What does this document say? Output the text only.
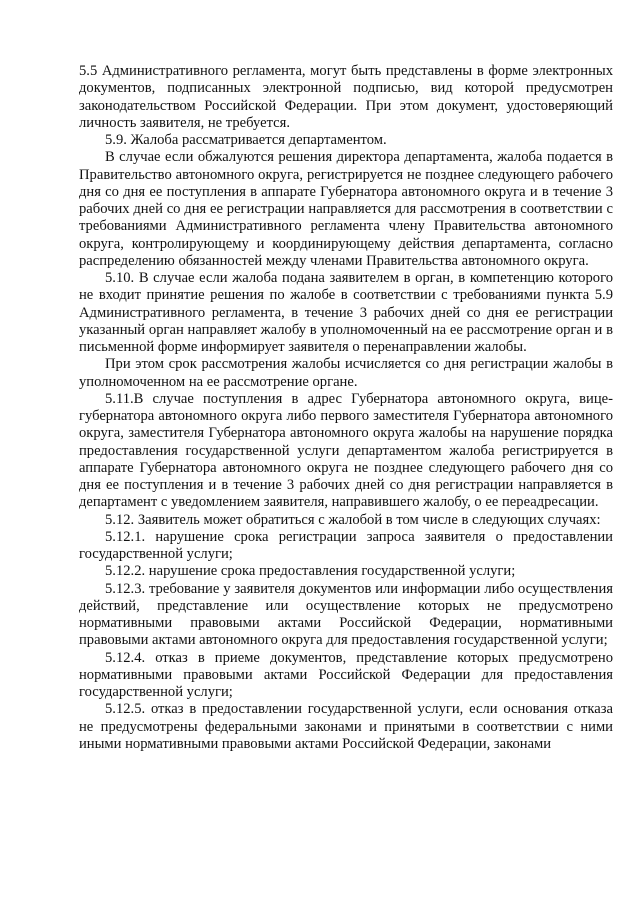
5.5 Административного регламента, могут быть представлены в форме электронных документов, подписанных электронной подписью, вид которой предусмотрен законодательством Российской Федерации. При этом документ, удостоверяющий личность заявителя, не требуется.

5.9. Жалоба рассматривается департаментом.

В случае если обжалуются решения директора департамента, жалоба подается в Правительство автономного округа, регистрируется не позднее следующего рабочего дня со дня ее поступления в аппарате Губернатора автономного округа и в течение 3 рабочих дней со дня ее регистрации направляется для рассмотрения в соответствии с требованиями Административного регламента члену Правительства автономного округа, контролирующему и координирующему действия департамента, согласно распределению обязанностей между членами Правительства автономного округа.

5.10. В случае если жалоба подана заявителем в орган, в компетенцию которого не входит принятие решения по жалобе в соответствии с требованиями пункта 5.9 Административного регламента, в течение 3 рабочих дней со дня ее регистрации указанный орган направляет жалобу в уполномоченный на ее рассмотрение орган и в письменной форме информирует заявителя о перенаправлении жалобы.

При этом срок рассмотрения жалобы исчисляется со дня регистрации жалобы в уполномоченном на ее рассмотрение органе.

5.11.В случае поступления в адрес Губернатора автономного округа, вице-губернатора автономного округа либо первого заместителя Губернатора автономного округа, заместителя Губернатора автономного округа жалобы на нарушение порядка предоставления государственной услуги департаментом жалоба регистрируется в аппарате Губернатора автономного округа не позднее следующего рабочего дня со дня ее поступления и в течение 3 рабочих дней со дня регистрации направляется в департамент с уведомлением заявителя, направившего жалобу, о ее переадресации.

5.12. Заявитель может обратиться с жалобой в том числе в следующих случаях:

5.12.1. нарушение срока регистрации запроса заявителя о предоставлении государственной услуги;

5.12.2. нарушение срока предоставления государственной услуги;

5.12.3. требование у заявителя документов или информации либо осуществления действий, представление или осуществление которых не предусмотрено нормативными правовыми актами Российской Федерации, нормативными правовыми актами автономного округа для предоставления государственной услуги;

5.12.4. отказ в приеме документов, представление которых предусмотрено нормативными правовыми актами Российской Федерации для предоставления государственной услуги;

5.12.5. отказ в предоставлении государственной услуги, если основания отказа не предусмотрены федеральными законами и принятыми в соответствии с ними иными нормативными правовыми актами Российской Федерации, законами
